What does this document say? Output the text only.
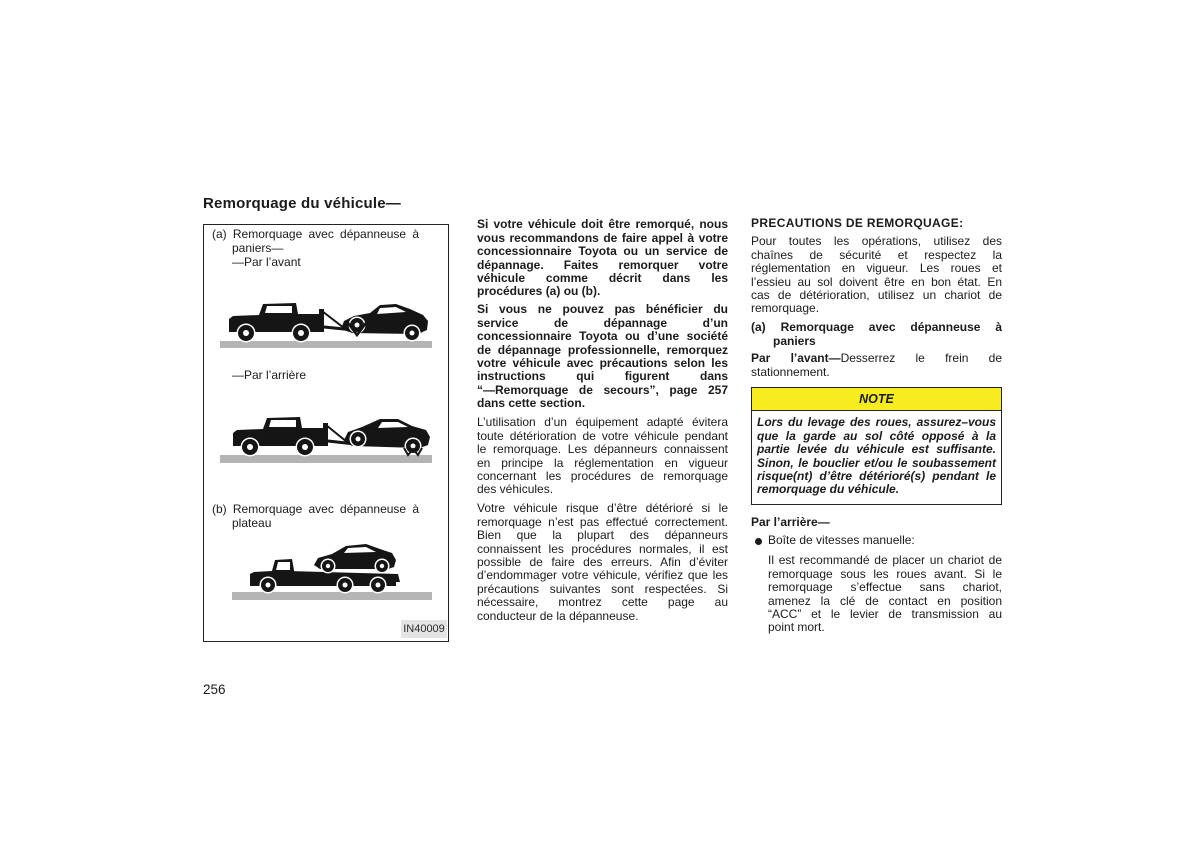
Remorquage du véhicule—
(a) Remorquage avec dépanneuse à
paniers—
—Par l’avant
—Par l’arrière
(b) Remorquage avec dépanneuse à
plateau
IN40009
Si votre véhicule doit être remorqué, nous
vous recommandons de faire appel à votre
concessionnaire Toyota ou un service de
dépannage. Faites remorquer votre
véhicule comme décrit dans les
procédures (a) ou (b).
Si vous ne pouvez pas bénéficier du
service de dépannage d’un
concessionnaire Toyota ou d’une société
de dépannage professionnelle, remorquez
votre véhicule avec précautions selon les
instructions qui figurent dans
“—Remorquage de secours”, page 257
dans cette section.
L’utilisation d’un équipement adapté évitera
toute détérioration de votre véhicule pendant
le remorquage. Les dépanneurs connaissent
en principe la réglementation en vigueur
concernant les procédures de remorquage
des véhicules.
Votre véhicule risque d’être détérioré si le
remorquage n’est pas effectué correctement.
Bien que la plupart des dépanneurs
connaissent les procédures normales, il est
possible de faire des erreurs. Afin d’éviter
d’endommager votre véhicule, vérifiez que les
précautions suivantes sont respectées. Si
nécessaire, montrez cette page au
conducteur de la dépanneuse.
PRECAUTIONS DE REMORQUAGE:
Pour toutes les opérations, utilisez des
chaînes de sécurité et respectez la
réglementation en vigueur. Les roues et
l’essieu au sol doivent être en bon état. En
cas de détérioration, utilisez un chariot de
remorquage.
(a) Remorquage avec dépanneuse à
paniers
Par l’avant—Desserrez le frein de
stationnement.
NOTE
Lors du levage des roues, assurez–vous
que la garde au sol côté opposé à la
partie levée du véhicule est suffisante.
Sinon, le bouclier et/ou le soubassement
risque(nt) d’être détérioré(s) pendant le
remorquage du véhicule.
Par l’arrière—
Boîte de vitesses manuelle:
Il est recommandé de placer un chariot de
remorquage sous les roues avant. Si le
remorquage s’effectue sans chariot,
amenez la clé de contact en position
“ACC” et le levier de transmission au
point mort.
256
